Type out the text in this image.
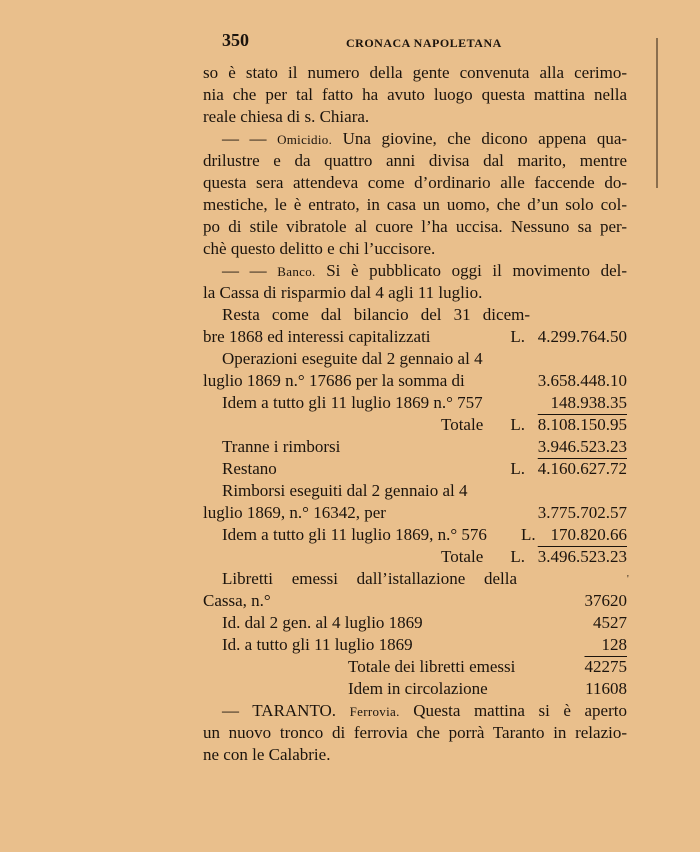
350	CRONACA NAPOLETANA
so è stato il numero della gente convenuta alla cerimo-
nia che per tal fatto ha avuto luogo questa mattina nella
reale chiesa di s. Chiara.
— — Omicidio. Una giovine, che dicono appena qua-
drilustre e da quattro anni divisa dal marito, mentre
questa sera attendeva come d’ordinario alle faccende do-
mestiche, le è entrato, in casa un uomo, che d’un solo col-
po di stile vibratole al cuore l’ha uccisa. Nessuno sa per-
chè questo delitto e chi l’uccisore.
— — Banco. Si è pubblicato oggi il movimento del-
la Cassa di risparmio dal 4 agli 11 luglio.
Resta come dal bilancio del 31 dicem-
bre 1868 ed interessi capitalizzati	L. 4.299.764.50
Operazioni eseguite dal 2 gennaio al 4
luglio 1869 n.° 17686 per la somma di	3.658.448.10
Idem a tutto gli 11 luglio 1869 n.° 757	148.938.35
Totale L. 8.108.150.95
Tranne i rimborsi	3.946.523.23
Restano	L. 4.160.627.72
Rimborsi eseguiti dal 2 gennaio al 4
luglio 1869, n.° 16342, per	3.775.702.57
Idem a tutto gli 11 luglio 1869, n.° 576 L. 170.820.66
Totale L. 3.496.523.23
Libretti emessi dall’istallazione della	'
Cassa, n.°	37620
Id. dal 2 gen. al 4 luglio 1869	4527
Id. a tutto gli 11 luglio 1869	128
Totale dei libretti emessi	42275
Idem in circolazione	11608
— TARANTO. Ferrovia. Questa mattina si è aperto
un nuovo tronco di ferrovia che porrà Taranto in relazio-
ne con le Calabrie.
